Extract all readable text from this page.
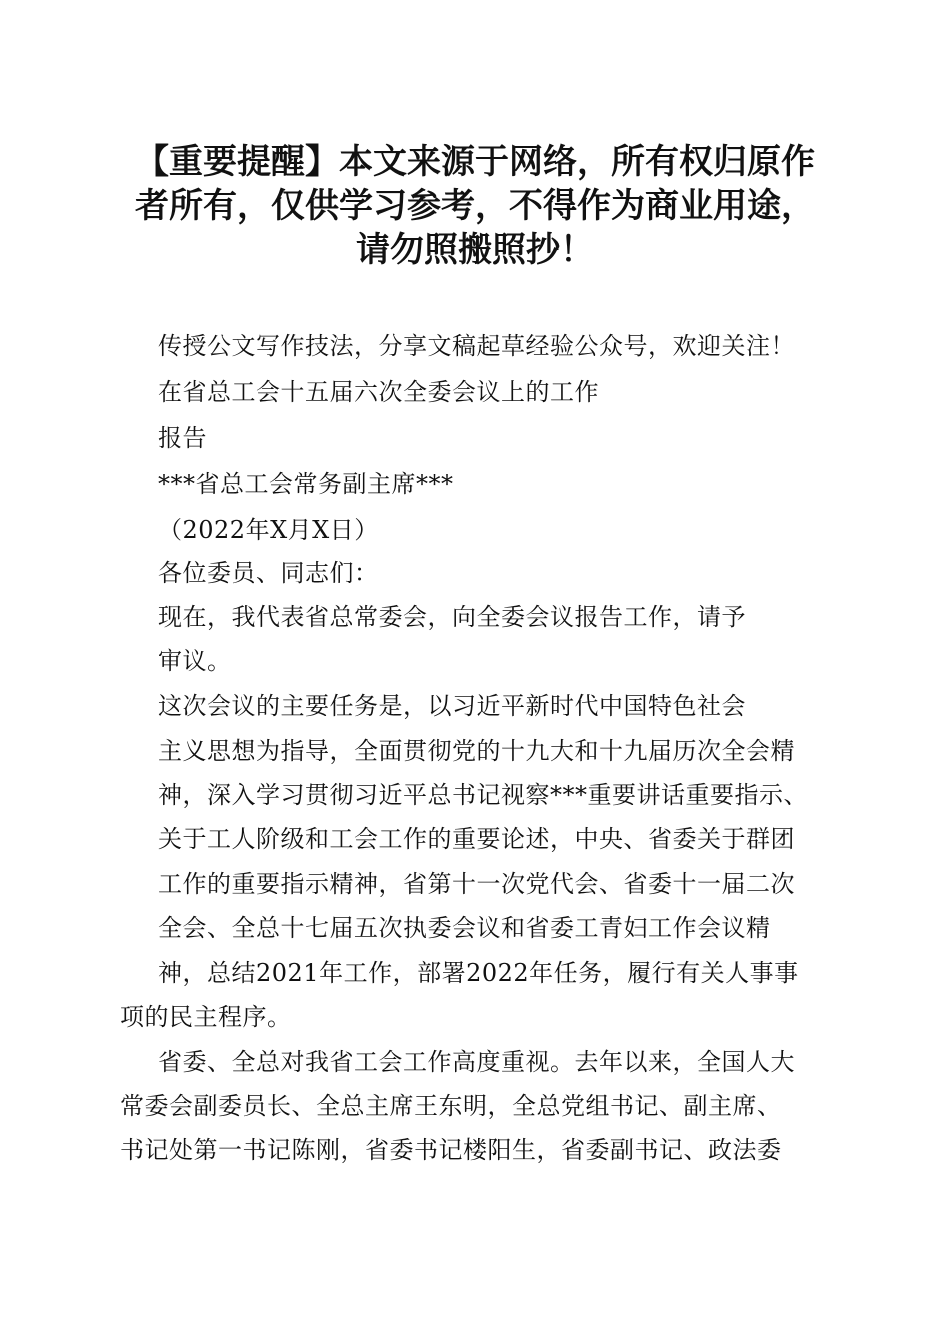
【重要提醒】本文来源于网络，所有权归原作
者所有，仅供学习参考，不得作为商业用途，
请勿照搬照抄！
传授公文写作技法，分享文稿起草经验公众号，欢迎关注！
在省总工会十五届六次全委会议上的工作
报告
***省总工会常务副主席***
（2022年X月X日）
各位委员、同志们：
现在，我代表省总常委会，向全委会议报告工作，请予
审议。
这次会议的主要任务是，以习近平新时代中国特色社会
主义思想为指导，全面贯彻党的十九大和十九届历次全会精
神，深入学习贯彻习近平总书记视察***重要讲话重要指示、
关于工人阶级和工会工作的重要论述，中央、省委关于群团
工作的重要指示精神，省第十一次党代会、省委十一届二次
全会、全总十七届五次执委会议和省委工青妇工作会议精
神，总结2021年工作，部署2022年任务，履行有关人事事
项的民主程序。
省委、全总对我省工会工作高度重视。去年以来，全国人大
常委会副委员长、全总主席王东明，全总党组书记、副主席、
书记处第一书记陈刚，省委书记楼阳生，省委副书记、政法委
